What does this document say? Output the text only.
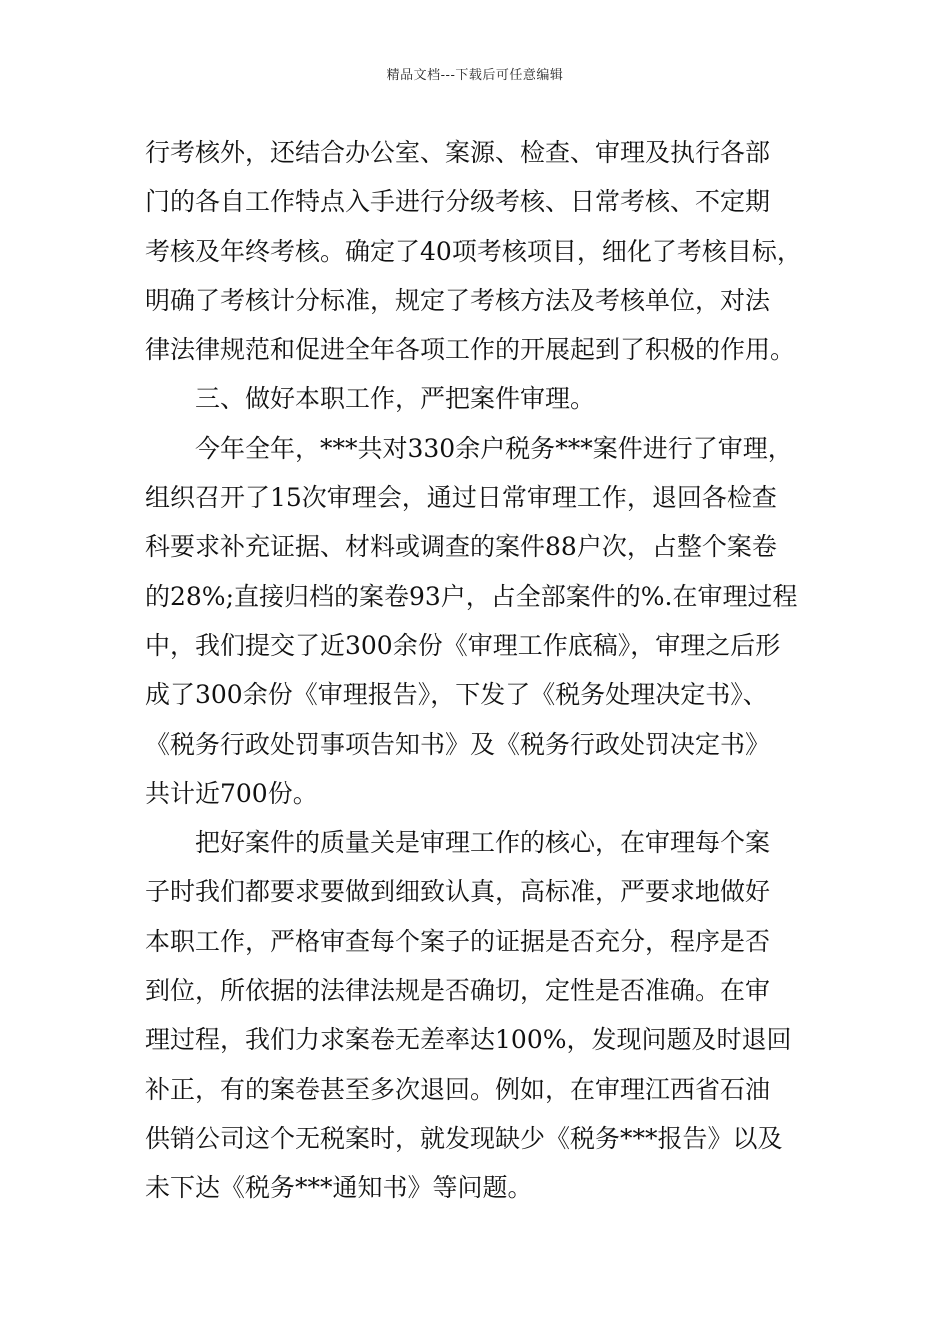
精品文档---下载后可任意编辑
行考核外，还结合办公室、案源、检查、审理及执行各部
门的各自工作特点入手进行分级考核、日常考核、不定期
考核及年终考核。确定了40项考核项目，细化了考核目标，
明确了考核计分标准，规定了考核方法及考核单位，对法
律法律规范和促进全年各项工作的开展起到了积极的作用。
三、做好本职工作，严把案件审理。
今年全年，***共对330余户税务***案件进行了审理，
组织召开了15次审理会，通过日常审理工作，退回各检查
科要求补充证据、材料或调查的案件88户次，占整个案卷
的28%;直接归档的案卷93户，占全部案件的%.在审理过程
中，我们提交了近300余份《审理工作底稿》，审理之后形
成了300余份《审理报告》，下发了《税务处理决定书》、
《税务行政处罚事项告知书》及《税务行政处罚决定书》
共计近700份。
把好案件的质量关是审理工作的核心，在审理每个案
子时我们都要求要做到细致认真，高标准，严要求地做好
本职工作，严格审查每个案子的证据是否充分，程序是否
到位，所依据的法律法规是否确切，定性是否准确。在审
理过程，我们力求案卷无差率达100%，发现问题及时退回
补正，有的案卷甚至多次退回。例如，在审理江西省石油
供销公司这个无税案时，就发现缺少《税务***报告》以及
未下达《税务***通知书》等问题。
